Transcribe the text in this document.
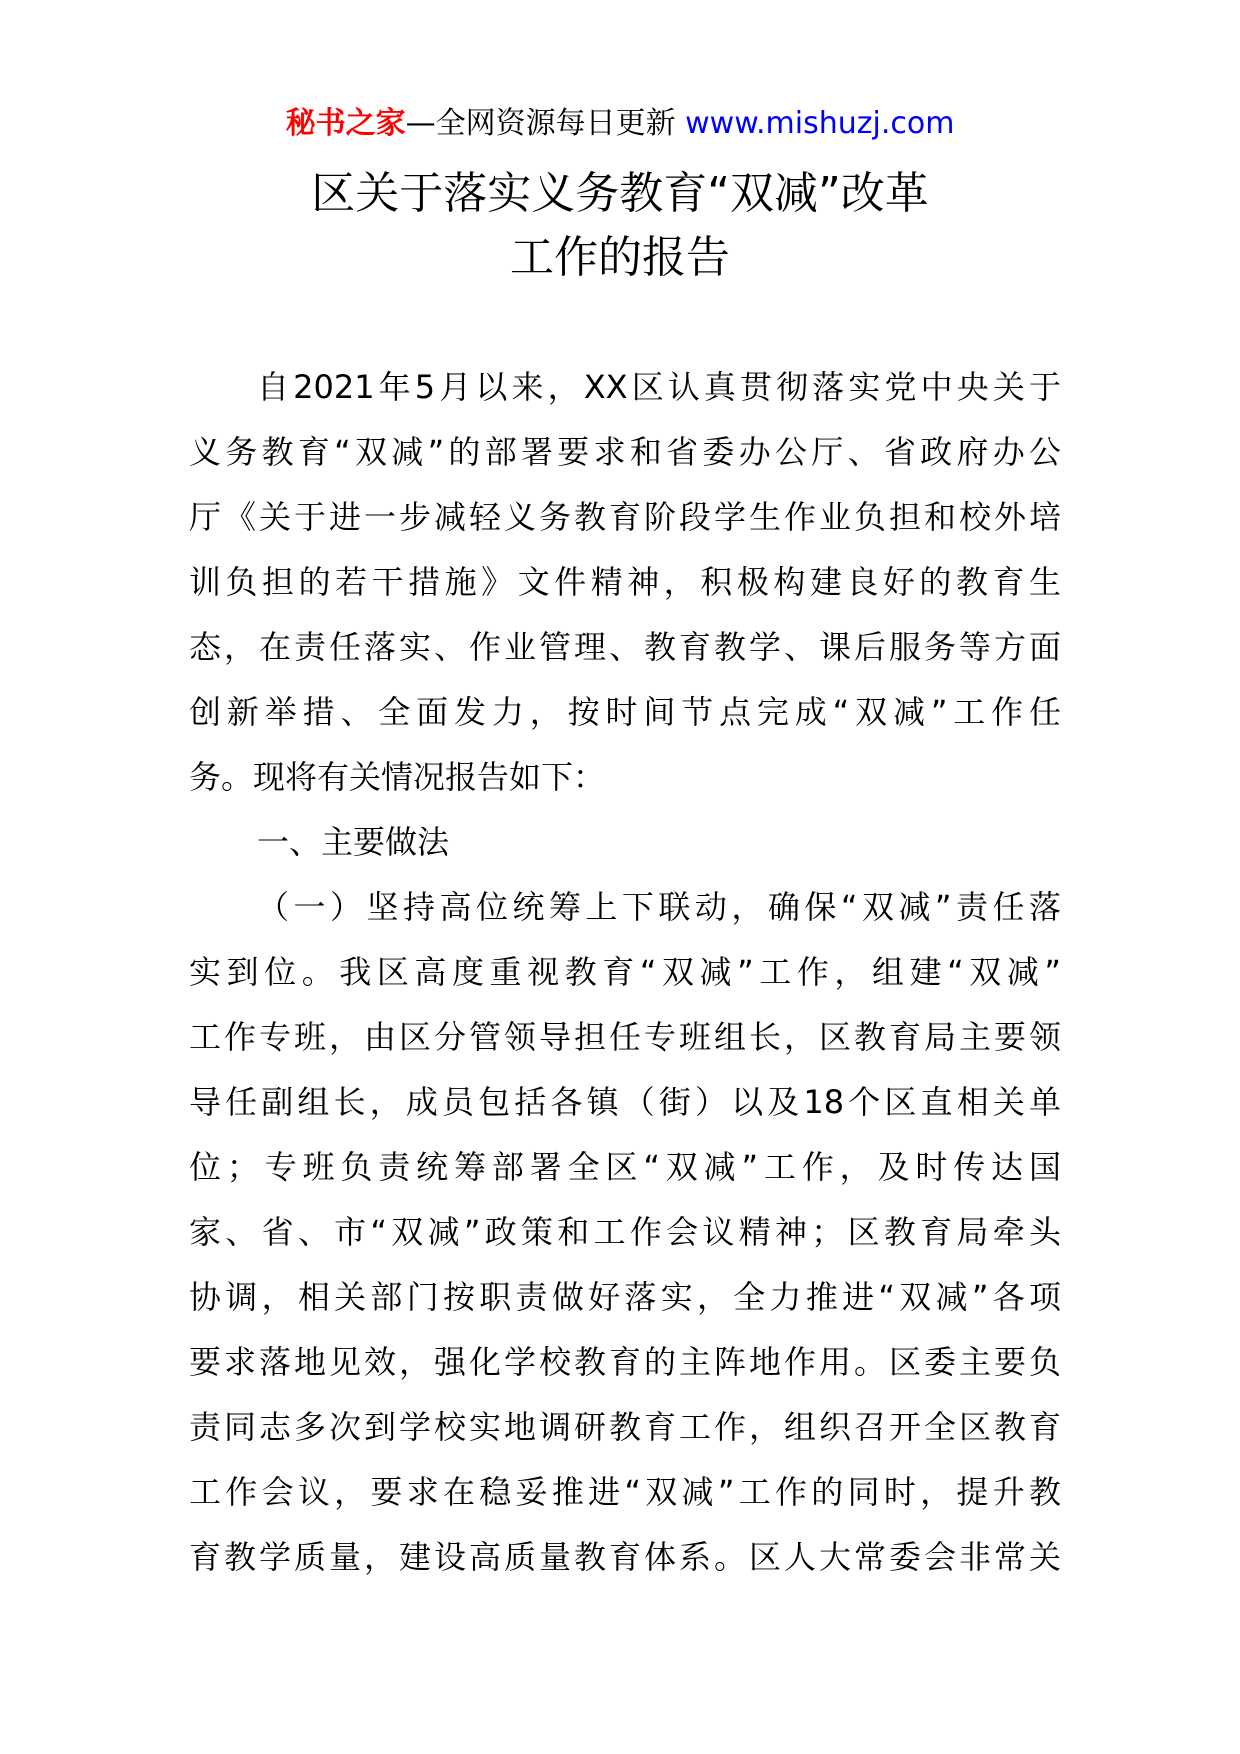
秘书之家—全网资源每日更新 www.mishuzj.com
区关于落实义务教育“双减”改革
工作的报告
自2021年5月以来，XX区认真贯彻落实党中央关于
义务教育“双减”的部署要求和省委办公厅、省政府办公
厅《关于进一步减轻义务教育阶段学生作业负担和校外培
训负担的若干措施》文件精神，积极构建良好的教育生
态，在责任落实、作业管理、教育教学、课后服务等方面
创新举措、全面发力，按时间节点完成“双减”工作任
务。现将有关情况报告如下：
一、主要做法
（一）坚持高位统筹上下联动，确保“双减”责任落
实到位。我区高度重视教育“双减”工作，组建“双减”
工作专班，由区分管领导担任专班组长，区教育局主要领
导任副组长，成员包括各镇（街）以及18个区直相关单
位；专班负责统筹部署全区“双减”工作，及时传达国
家、省、市“双减”政策和工作会议精神；区教育局牵头
协调，相关部门按职责做好落实，全力推进“双减”各项
要求落地见效，强化学校教育的主阵地作用。区委主要负
责同志多次到学校实地调研教育工作，组织召开全区教育
工作会议，要求在稳妥推进“双减”工作的同时，提升教
育教学质量，建设高质量教育体系。区人大常委会非常关
